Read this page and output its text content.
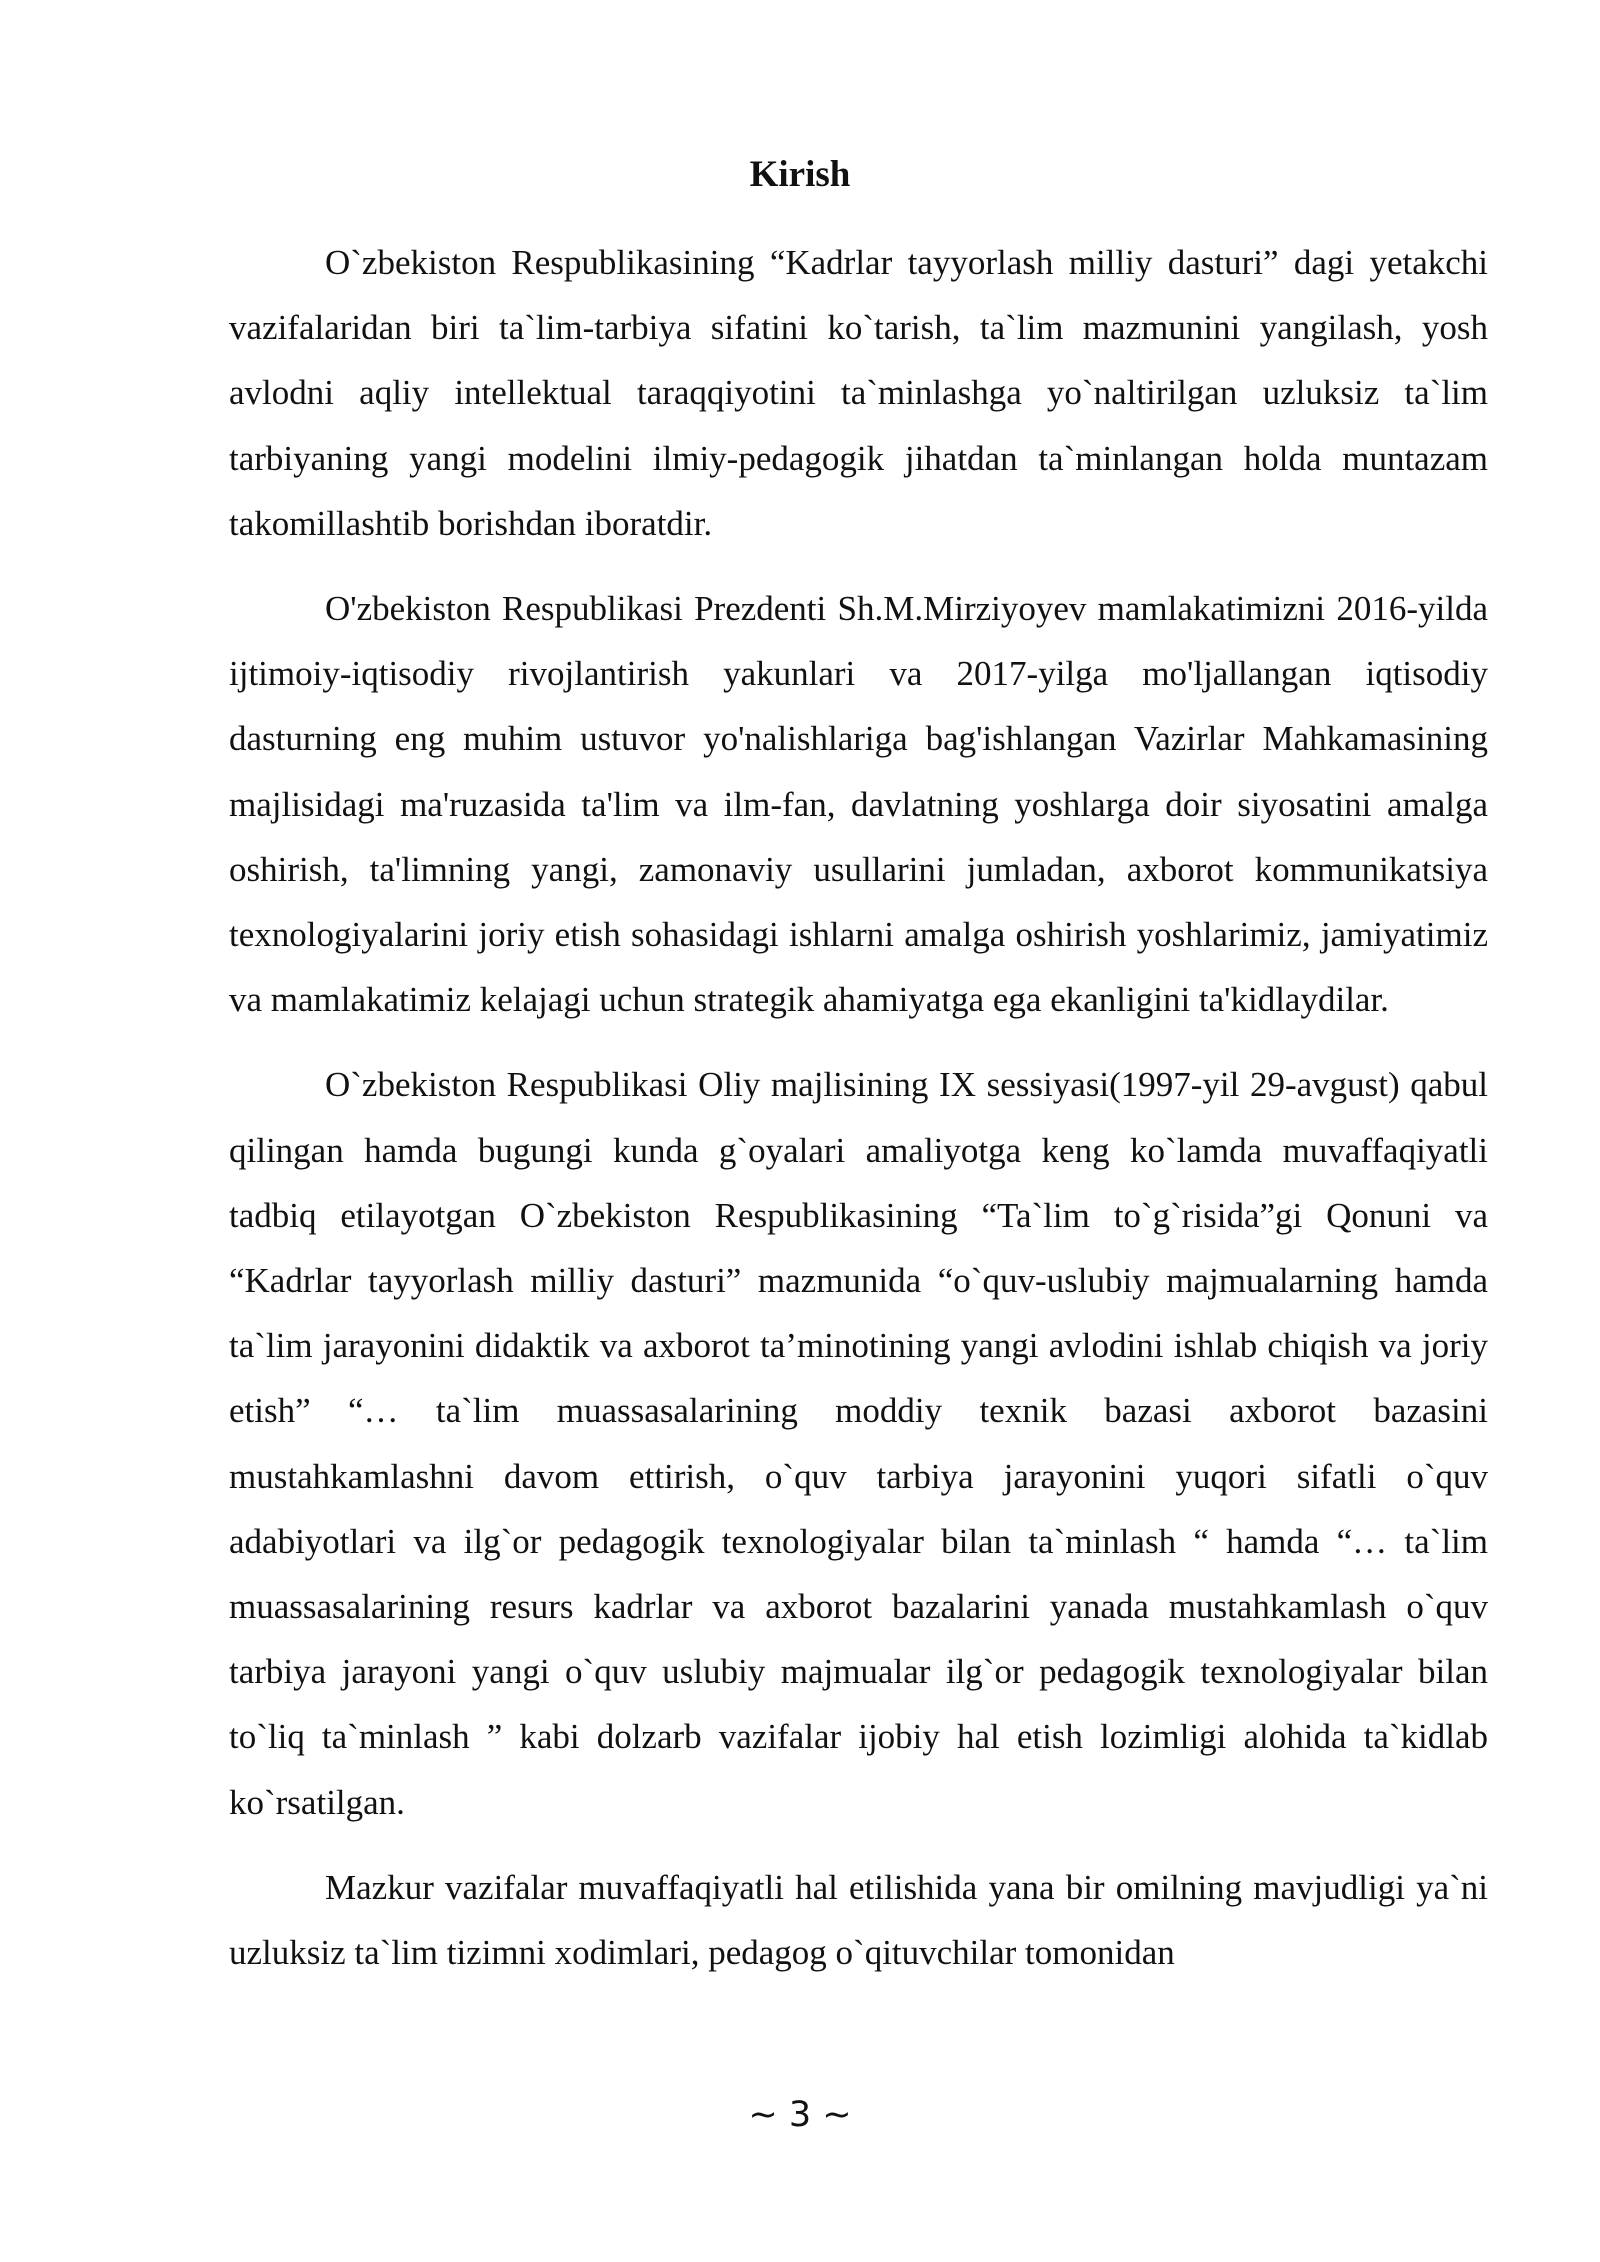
Kirish

O`zbekiston Respublikasining “Kadrlar tayyorlash milliy dasturi” dagi yetakchi vazifalaridan biri ta`lim-tarbiya sifatini ko`tarish, ta`lim mazmunini yangilash, yosh avlodni aqliy intellektual taraqqiyotini ta`minlashga yo`naltirilgan uzluksiz ta`lim tarbiyaning yangi modelini ilmiy-pedagogik jihatdan ta`minlangan holda muntazam takomillashtib borishdan iboratdir.

O'zbekiston Respublikasi Prezdenti Sh.M.Mirziyoyev mamlakatimizni 2016-yilda ijtimoiy-iqtisodiy rivojlantirish yakunlari va 2017-yilga mo'ljallangan iqtisodiy dasturning eng muhim ustuvor yo'nalishlariga bag'ishlangan Vazirlar Mahkamasining majlisidagi ma'ruzasida ta'lim va ilm-fan, davlatning yoshlarga doir siyosatini amalga oshirish, ta'limning yangi, zamonaviy usullarini jumladan, axborot kommunikatsiya texnologiyalarini joriy etish sohasidagi ishlarni amalga oshirish yoshlarimiz, jamiyatimiz va mamlakatimiz kelajagi uchun strategik ahamiyatga ega ekanligini ta'kidlaydilar.

O`zbekiston Respublikasi Oliy majlisining IX sessiyasi(1997-yil 29-avgust) qabul qilingan hamda bugungi kunda g`oyalari amaliyotga keng ko`lamda muvaffaqiyatli tadbiq etilayotgan O`zbekiston Respublikasining “Ta`lim to`g`risida”gi Qonuni va “Kadrlar tayyorlash milliy dasturi” mazmunida “o`quv-uslubiy majmualarning hamda ta`lim jarayonini didaktik va axborot ta’minotining yangi avlodini ishlab chiqish va joriy etish” “… ta`lim muassasalarining moddiy texnik bazasi axborot bazasini mustahkamlashni davom ettirish, o`quv tarbiya jarayonini yuqori sifatli o`quv adabiyotlari va ilg`or pedagogik texnologiyalar bilan ta`minlash “ hamda “… ta`lim muassasalarining resurs kadrlar va axborot bazalarini yanada mustahkamlash o`quv tarbiya jarayoni yangi o`quv uslubiy majmualar ilg`or pedagogik texnologiyalar bilan to`liq ta`minlash ” kabi dolzarb vazifalar ijobiy hal etish lozimligi alohida ta`kidlab ko`rsatilgan.

Mazkur vazifalar muvaffaqiyatli hal etilishida yana bir omilning mavjudligi ya`ni uzluksiz ta`lim tizimni xodimlari, pedagog o`qituvchilar tomonidan

~ 3 ~
